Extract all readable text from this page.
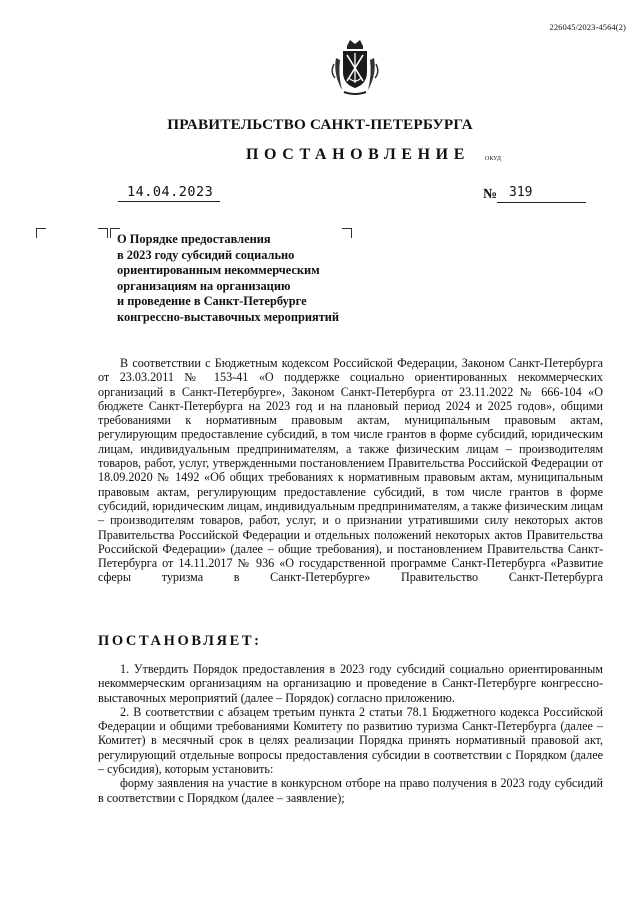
226045/2023-4564(2)
ПРАВИТЕЛЬСТВО САНКТ-ПЕТЕРБУРГА
ПОСТАНОВЛЕНИЕ	ОКУД
14.04.2023	№ 319
О Порядке предоставления
в 2023 году субсидий социально
ориентированным некоммерческим
организациям на организацию
и проведение в Санкт-Петербурге
конгрессно-выставочных мероприятий

В соответствии с Бюджетным кодексом Российской Федерации, Законом Санкт-Петербурга от 23.03.2011 № 153-41 «О поддержке социально ориентированных некоммерческих организаций в Санкт-Петербурге», Законом Санкт-Петербурга от 23.11.2022 № 666-104 «О бюджете Санкт-Петербурга на 2023 год и на плановый период 2024 и 2025 годов», общими требованиями к нормативным правовым актам, муниципальным правовым актам, регулирующим предоставление субсидий, в том числе грантов в форме субсидий, юридическим лицам, индивидуальным предпринимателям, а также физическим лицам – производителям товаров, работ, услуг, утвержденными постановлением Правительства Российской Федерации от 18.09.2020 № 1492 «Об общих требованиях к нормативным правовым актам, муниципальным правовым актам, регулирующим предоставление субсидий, в том числе грантов в форме субсидий, юридическим лицам, индивидуальным предпринимателям, а также физическим лицам – производителям товаров, работ, услуг, и о признании утратившими силу некоторых актов Правительства Российской Федерации и отдельных положений некоторых актов Правительства Российской Федерации» (далее – общие требования), и постановлением Правительства Санкт-Петербурга от 14.11.2017 № 936 «О государственной программе Санкт-Петербурга «Развитие сферы туризма в Санкт-Петербурге» Правительство Санкт-Петербурга

ПОСТАНОВЛЯЕТ:

1. Утвердить Порядок предоставления в 2023 году субсидий социально ориентированным некоммерческим организациям на организацию и проведение в Санкт-Петербурге конгрессно-выставочных мероприятий (далее – Порядок) согласно приложению.

2. В соответствии с абзацем третьим пункта 2 статьи 78.1 Бюджетного кодекса Российской Федерации и общими требованиями Комитету по развитию туризма Санкт-Петербурга (далее – Комитет) в месячный срок в целях реализации Порядка принять нормативный правовой акт, регулирующий отдельные вопросы предоставления субсидии в соответствии с Порядком (далее – субсидия), которым установить:

форму заявления на участие в конкурсном отборе на право получения в 2023 году субсидий в соответствии с Порядком (далее – заявление);
